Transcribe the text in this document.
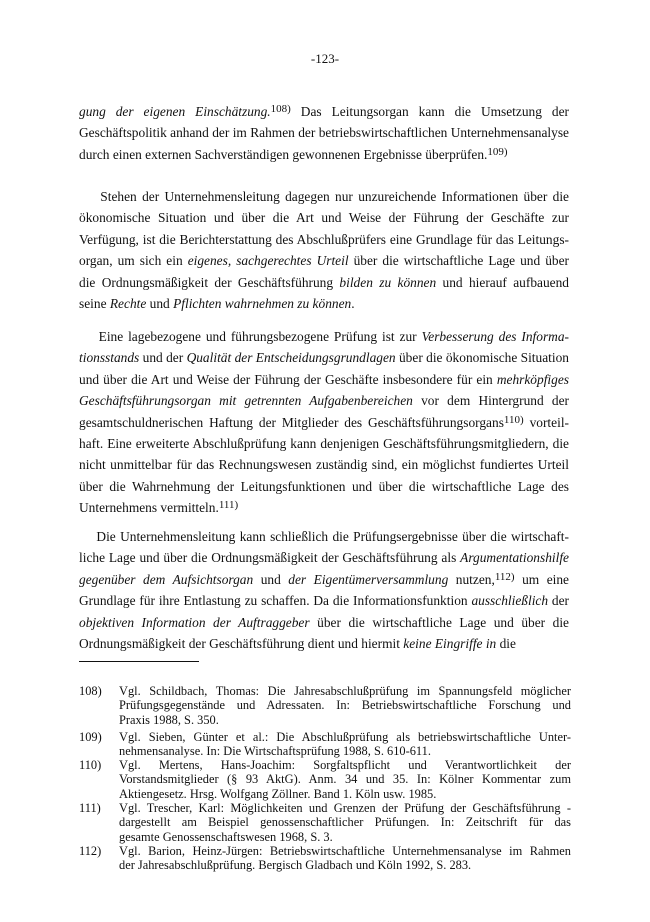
-123-
gung der eigenen Einschätzung.$^{108)}$ Das Leitungsorgan kann die Umsetzung der
Geschäftspolitik anhand der im Rahmen der betriebswirtschaftlichen Unternehmensanalyse
durch einen externen Sachverständigen gewonnenen Ergebnisse überprüfen.$^{109)}$
Stehen der Unternehmensleitung dagegen nur unzureichende Informationen über die
ökonomische Situation und über die Art und Weise der Führung der Geschäfte zur
Verfügung, ist die Berichterstattung des Abschlußprüfers eine Grundlage für das Leitungs-
organ, um sich ein eigenes, sachgerechtes Urteil über die wirtschaftliche Lage und über
die Ordnungsmäßigkeit der Geschäftsführung bilden zu können und hierauf aufbauend
seine Rechte und Pflichten wahrnehmen zu können.
Eine lagebezogene und führungsbezogene Prüfung ist zur Verbesserung des Informa-
tionsstands und der Qualität der Entscheidungsgrundlagen über die ökonomische Situation
und über die Art und Weise der Führung der Geschäfte insbesondere für ein mehrköpfiges
Geschäftsführungsorgan mit getrennten Aufgabenbereichen vor dem Hintergrund der
gesamtschuldnerischen Haftung der Mitglieder des Geschäftsführungsorgans$^{110)}$ vorteil-
haft. Eine erweiterte Abschlußprüfung kann denjenigen Geschäftsführungsmitgliedern, die
nicht unmittelbar für das Rechnungswesen zuständig sind, ein möglichst fundiertes Urteil
über die Wahrnehmung der Leitungsfunktionen und über die wirtschaftliche Lage des
Unternehmens vermitteln.$^{111)}$
Die Unternehmensleitung kann schließlich die Prüfungsergebnisse über die wirtschaft-
liche Lage und über die Ordnungsmäßigkeit der Geschäftsführung als Argumentationshilfe
gegenüber dem Aufsichtsorgan und der Eigentümerversammlung nutzen,$^{112)}$ um eine
Grundlage für ihre Entlastung zu schaffen. Da die Informationsfunktion ausschließlich der
objektiven Information der Auftraggeber über die wirtschaftliche Lage und über die
Ordnungsmäßigkeit der Geschäftsführung dient und hiermit keine Eingriffe in die
108) Vgl. Schildbach, Thomas: Die Jahresabschlußprüfung im Spannungsfeld möglicher
Prüfungsgegenstände und Adressaten. In: Betriebswirtschaftliche Forschung und
Praxis 1988, S. 350.
109) Vgl. Sieben, Günter et al.: Die Abschlußprüfung als betriebswirtschaftliche Unter-
nehmensanalyse. In: Die Wirtschaftsprüfung 1988, S. 610-611.
110) Vgl. Mertens, Hans-Joachim: Sorgfaltspflicht und Verantwortlichkeit der
Vorstandsmitglieder (§ 93 AktG). Anm. 34 und 35. In: Kölner Kommentar zum
Aktiengesetz. Hrsg. Wolfgang Zöllner. Band 1. Köln usw. 1985.
111) Vgl. Trescher, Karl: Möglichkeiten und Grenzen der Prüfung der Geschäftsführung -
dargestellt am Beispiel genossenschaftlicher Prüfungen. In: Zeitschrift für das
gesamte Genossenschaftswesen 1968, S. 3.
112) Vgl. Barion, Heinz-Jürgen: Betriebswirtschaftliche Unternehmensanalyse im Rahmen
der Jahresabschlußprüfung. Bergisch Gladbach und Köln 1992, S. 283.
